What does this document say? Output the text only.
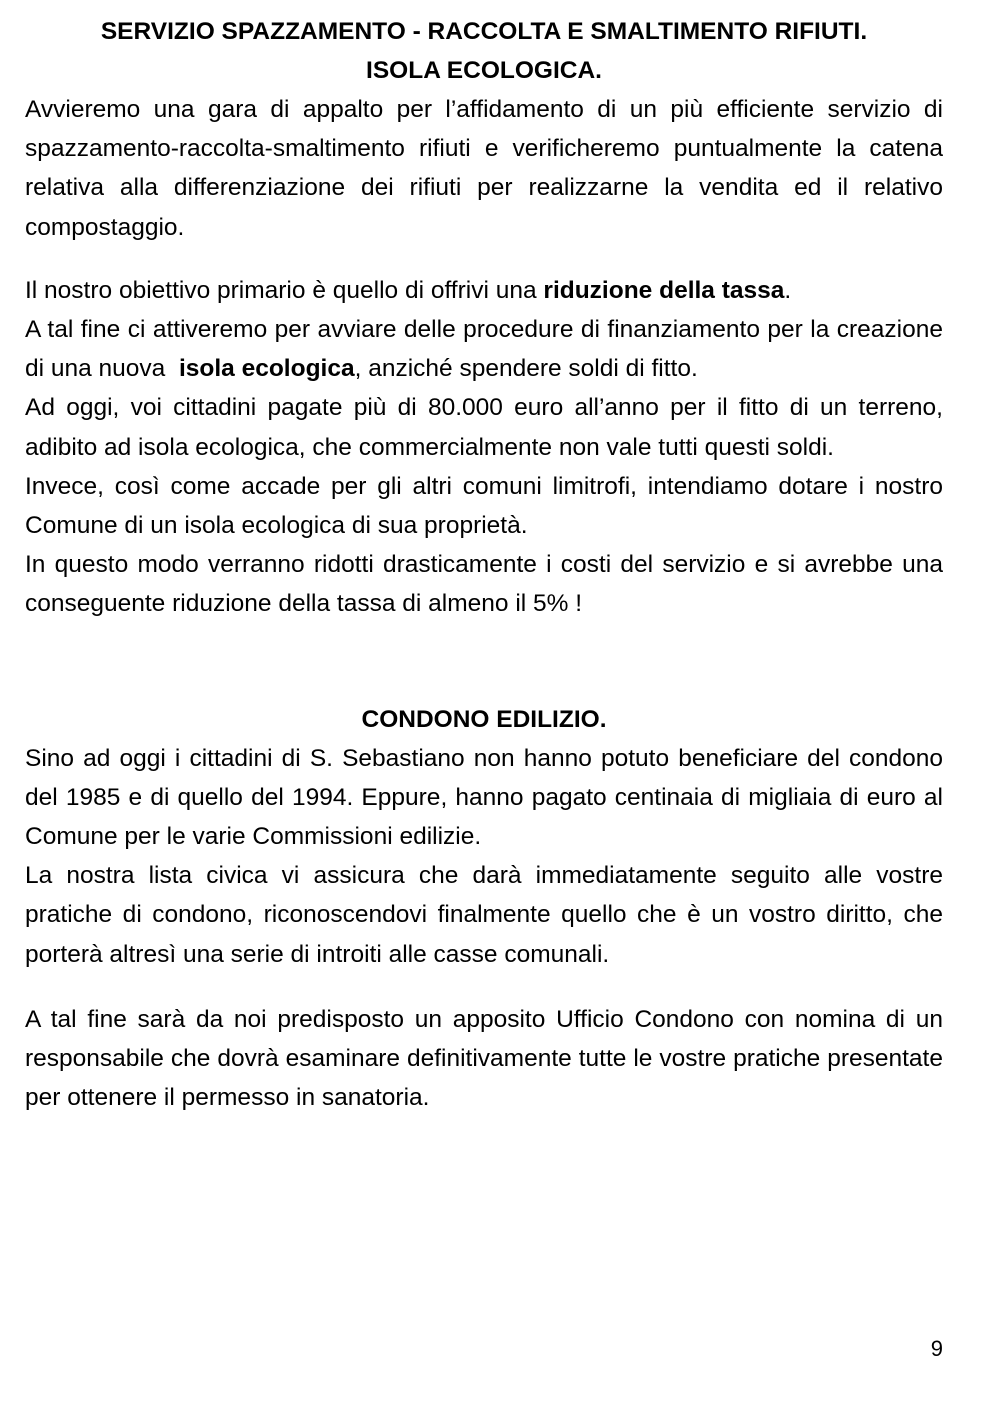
SERVIZIO SPAZZAMENTO - RACCOLTA E SMALTIMENTO RIFIUTI.
ISOLA ECOLOGICA.

Avvieremo una gara di appalto per l’affidamento di un più efficiente servizio di spazzamento-raccolta-smaltimento rifiuti e verificheremo puntualmente la catena relativa alla differenziazione dei rifiuti per realizzarne la vendita ed il relativo compostaggio.

Il nostro obiettivo primario è quello di offrivi una riduzione della tassa.

A tal fine ci attiveremo per avviare delle procedure di finanziamento per la creazione di una nuova  isola ecologica, anziché spendere soldi di fitto.

Ad oggi, voi cittadini pagate più di 80.000 euro all’anno per il fitto di un terreno, adibito ad isola ecologica, che commercialmente non vale tutti questi soldi.

Invece, così come accade per gli altri comuni limitrofi, intendiamo dotare i nostro Comune di un isola ecologica di sua proprietà.

In questo modo verranno ridotti drasticamente i costi del servizio e si avrebbe una conseguente riduzione della tassa di almeno il 5% !

CONDONO EDILIZIO.

Sino ad oggi i cittadini di S. Sebastiano non hanno potuto beneficiare del condono del 1985 e di quello del 1994. Eppure, hanno pagato centinaia di migliaia di euro al Comune per le varie Commissioni edilizie.

La nostra lista civica vi assicura che darà immediatamente seguito alle vostre pratiche di condono, riconoscendovi finalmente quello che è un vostro diritto, che porterà altresì una serie di introiti alle casse comunali.

A tal fine sarà da noi predisposto un apposito Ufficio Condono con nomina di un responsabile che dovrà esaminare definitivamente tutte le vostre pratiche presentate per ottenere il permesso in sanatoria.

9
